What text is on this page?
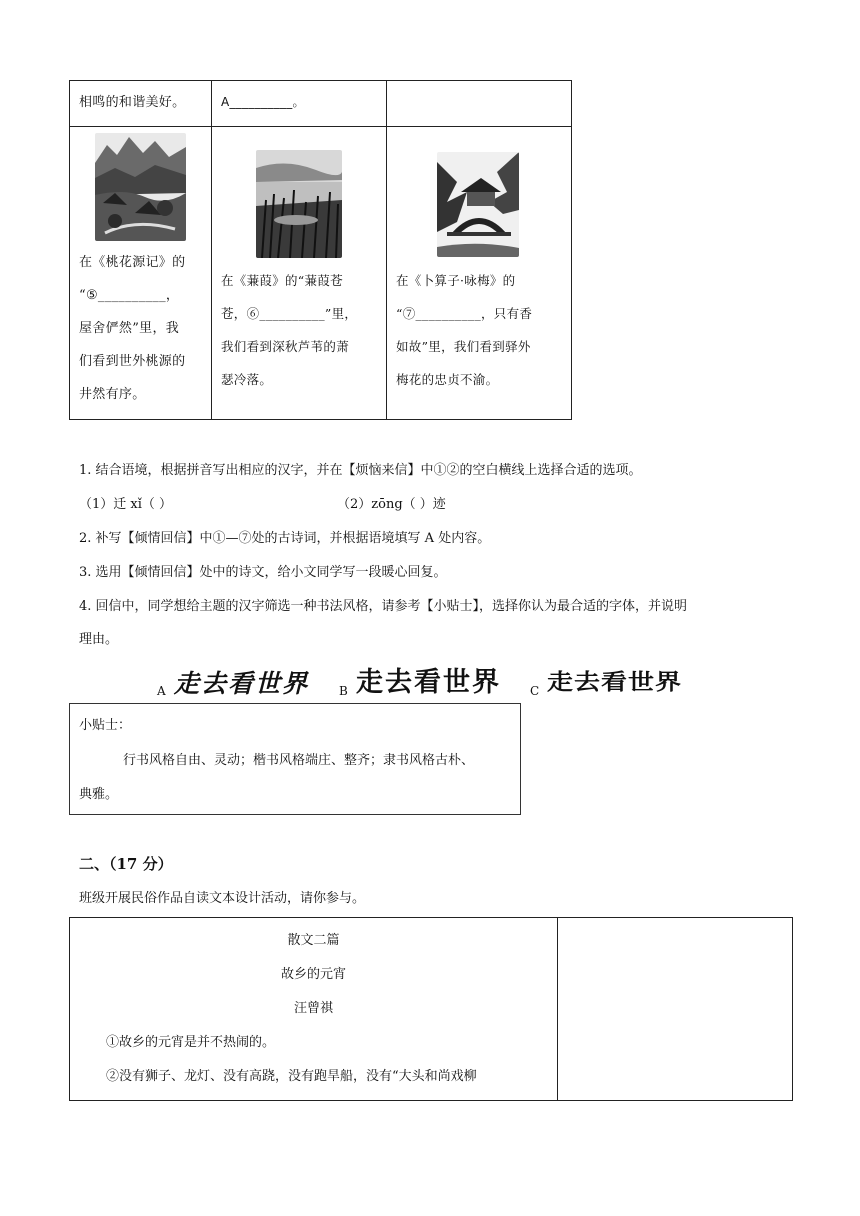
相鸣的和谐美好。	A__________。
在《桃花源记》的
“⑤__________，
屋舍俨然”里，我
们看到世外桃源的
井然有序。
在《蒹葭》的“蒹葭苍
苍，⑥__________”里，
我们看到深秋芦苇的萧
瑟冷落。
在《卜算子·咏梅》的
“⑦__________，只有香
如故”里，我们看到驿外
梅花的忠贞不渝。
1. 结合语境，根据拼音写出相应的汉字，并在【烦恼来信】中①②的空白横线上选择合适的选项。
（1）迁 xǐ（ ）	（2）zōng（ ）迹
2. 补写【倾情回信】中①—⑦处的古诗词，并根据语境填写 A 处内容。
3. 选用【倾情回信】处中的诗文，给小文同学写一段暖心回复。
4. 回信中，同学想给主题的汉字筛选一种书法风格，请参考【小贴士】，选择你认为最合适的字体，并说明
理由。
A 走去看世界 B 走去看世界 C 走去看世界
小贴士：
行书风格自由、灵动；楷书风格端庄、整齐；隶书风格古朴、
典雅。
二、（17 分）
班级开展民俗作品自读文本设计活动，请你参与。
散文二篇
故乡的元宵
汪曾祺
①故乡的元宵是并不热闹的。
②没有狮子、龙灯、没有高跷，没有跑旱船，没有“大头和尚戏柳
